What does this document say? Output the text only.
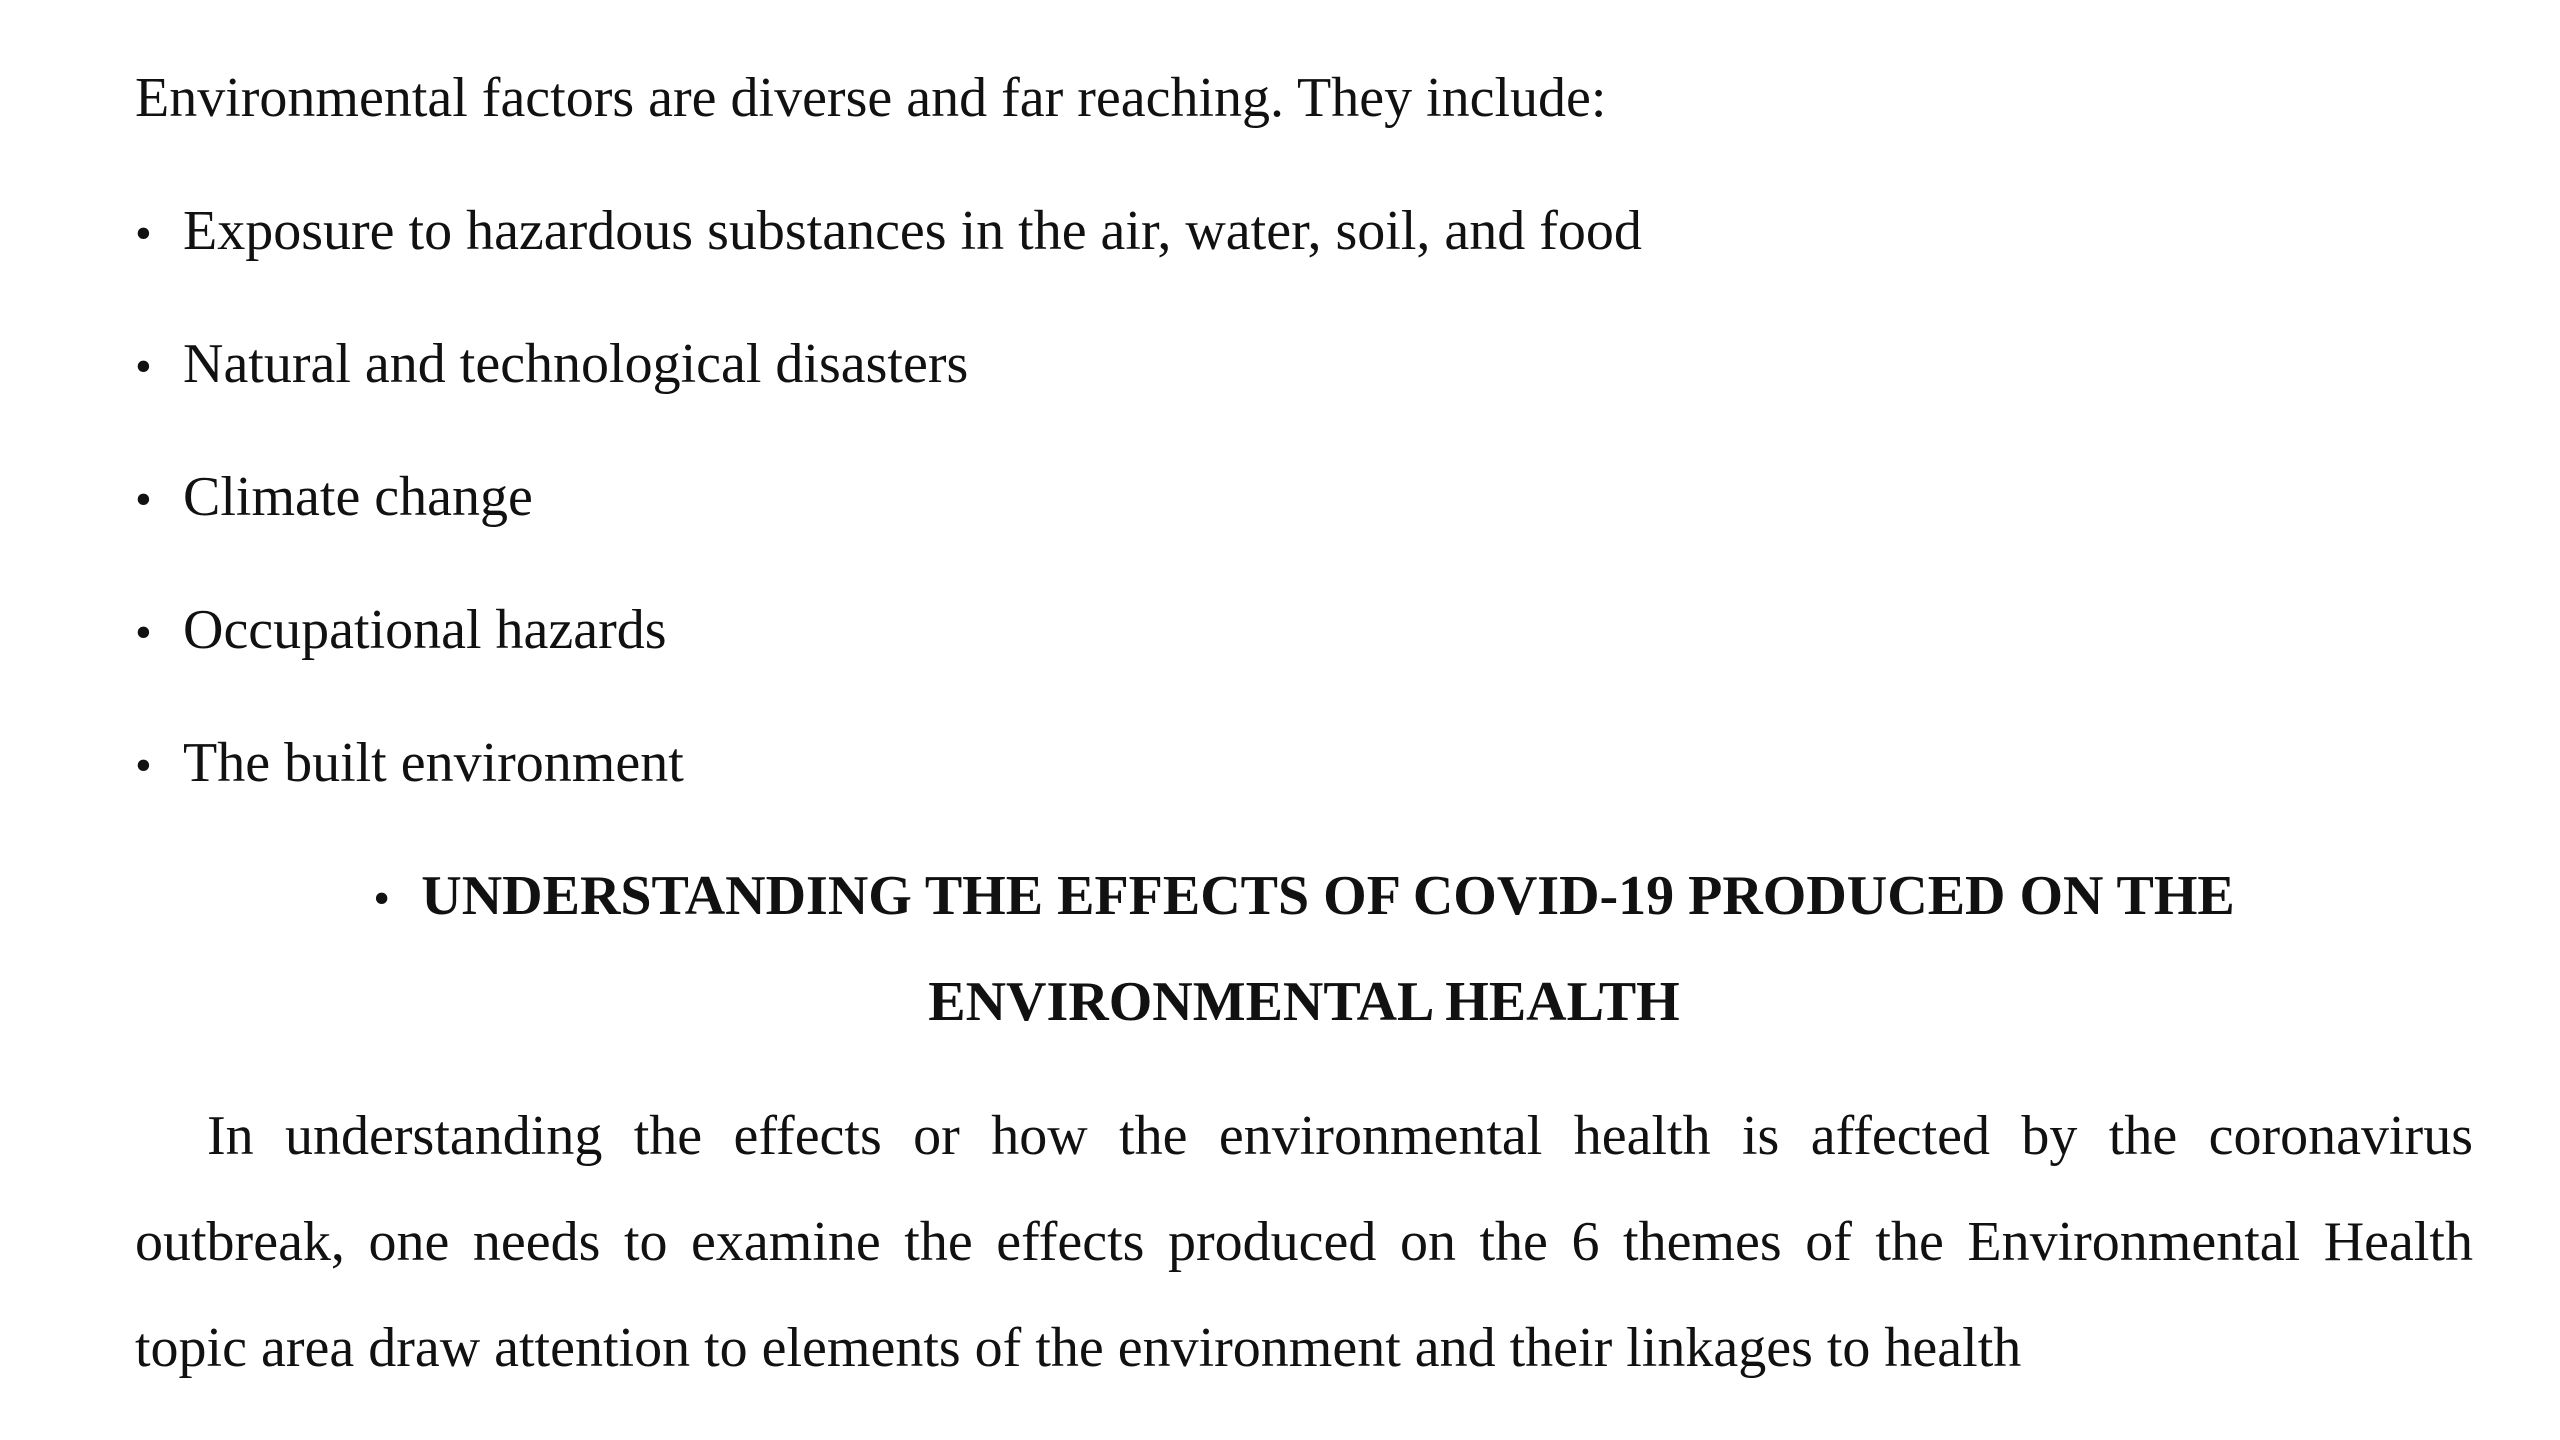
Environmental factors are diverse and far reaching. They include:
• Exposure to hazardous substances in the air, water, soil, and food
• Natural and technological disasters
• Climate change
• Occupational hazards
• The built environment
• UNDERSTANDING THE EFFECTS OF COVID-19 PRODUCED ON THE
ENVIRONMENTAL HEALTH
In understanding the effects or how the environmental health is affected by the coronavirus
outbreak, one needs to examine the effects produced on the 6 themes of the Environmental Health
topic area draw attention to elements of the environment and their linkages to health
